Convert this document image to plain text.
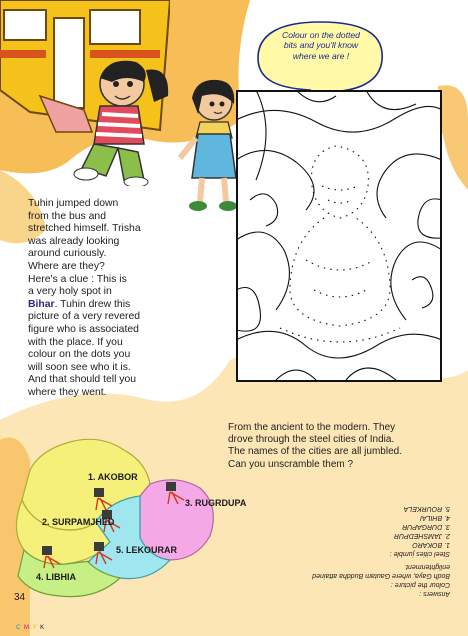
Colour on the dotted
bits and you'll know
where we are !
Tuhin jumped down
from the bus and
stretched himself. Trisha
was already looking
around curiously.
Where are they?
Here's a clue : This is
a very holy spot in
Bihar. Tuhin drew this
picture of a very revered
figure who is associated
with the place. If you
colour on the dots you
will soon see who it is.
And that should tell you
where they went.
From the ancient to the modern. They
drove through the steel cities of India.
The names of the cities are all jumbled.
Can you unscramble them ?
1. AKOBOR
2. SURPAMJHED
3. RUGRDUPA
4. LIBHIA
5. LEKOURAR
Answers :
Colour the picture :
Bodh Gaya, where Gautam Buddha attained
enlightenment.
Steel cities jumble :
1. BOKARO
2. JAMSHEDPUR
3. DURGAPUR
4. BHILAI
5. ROURKELA
34
C M Y K
